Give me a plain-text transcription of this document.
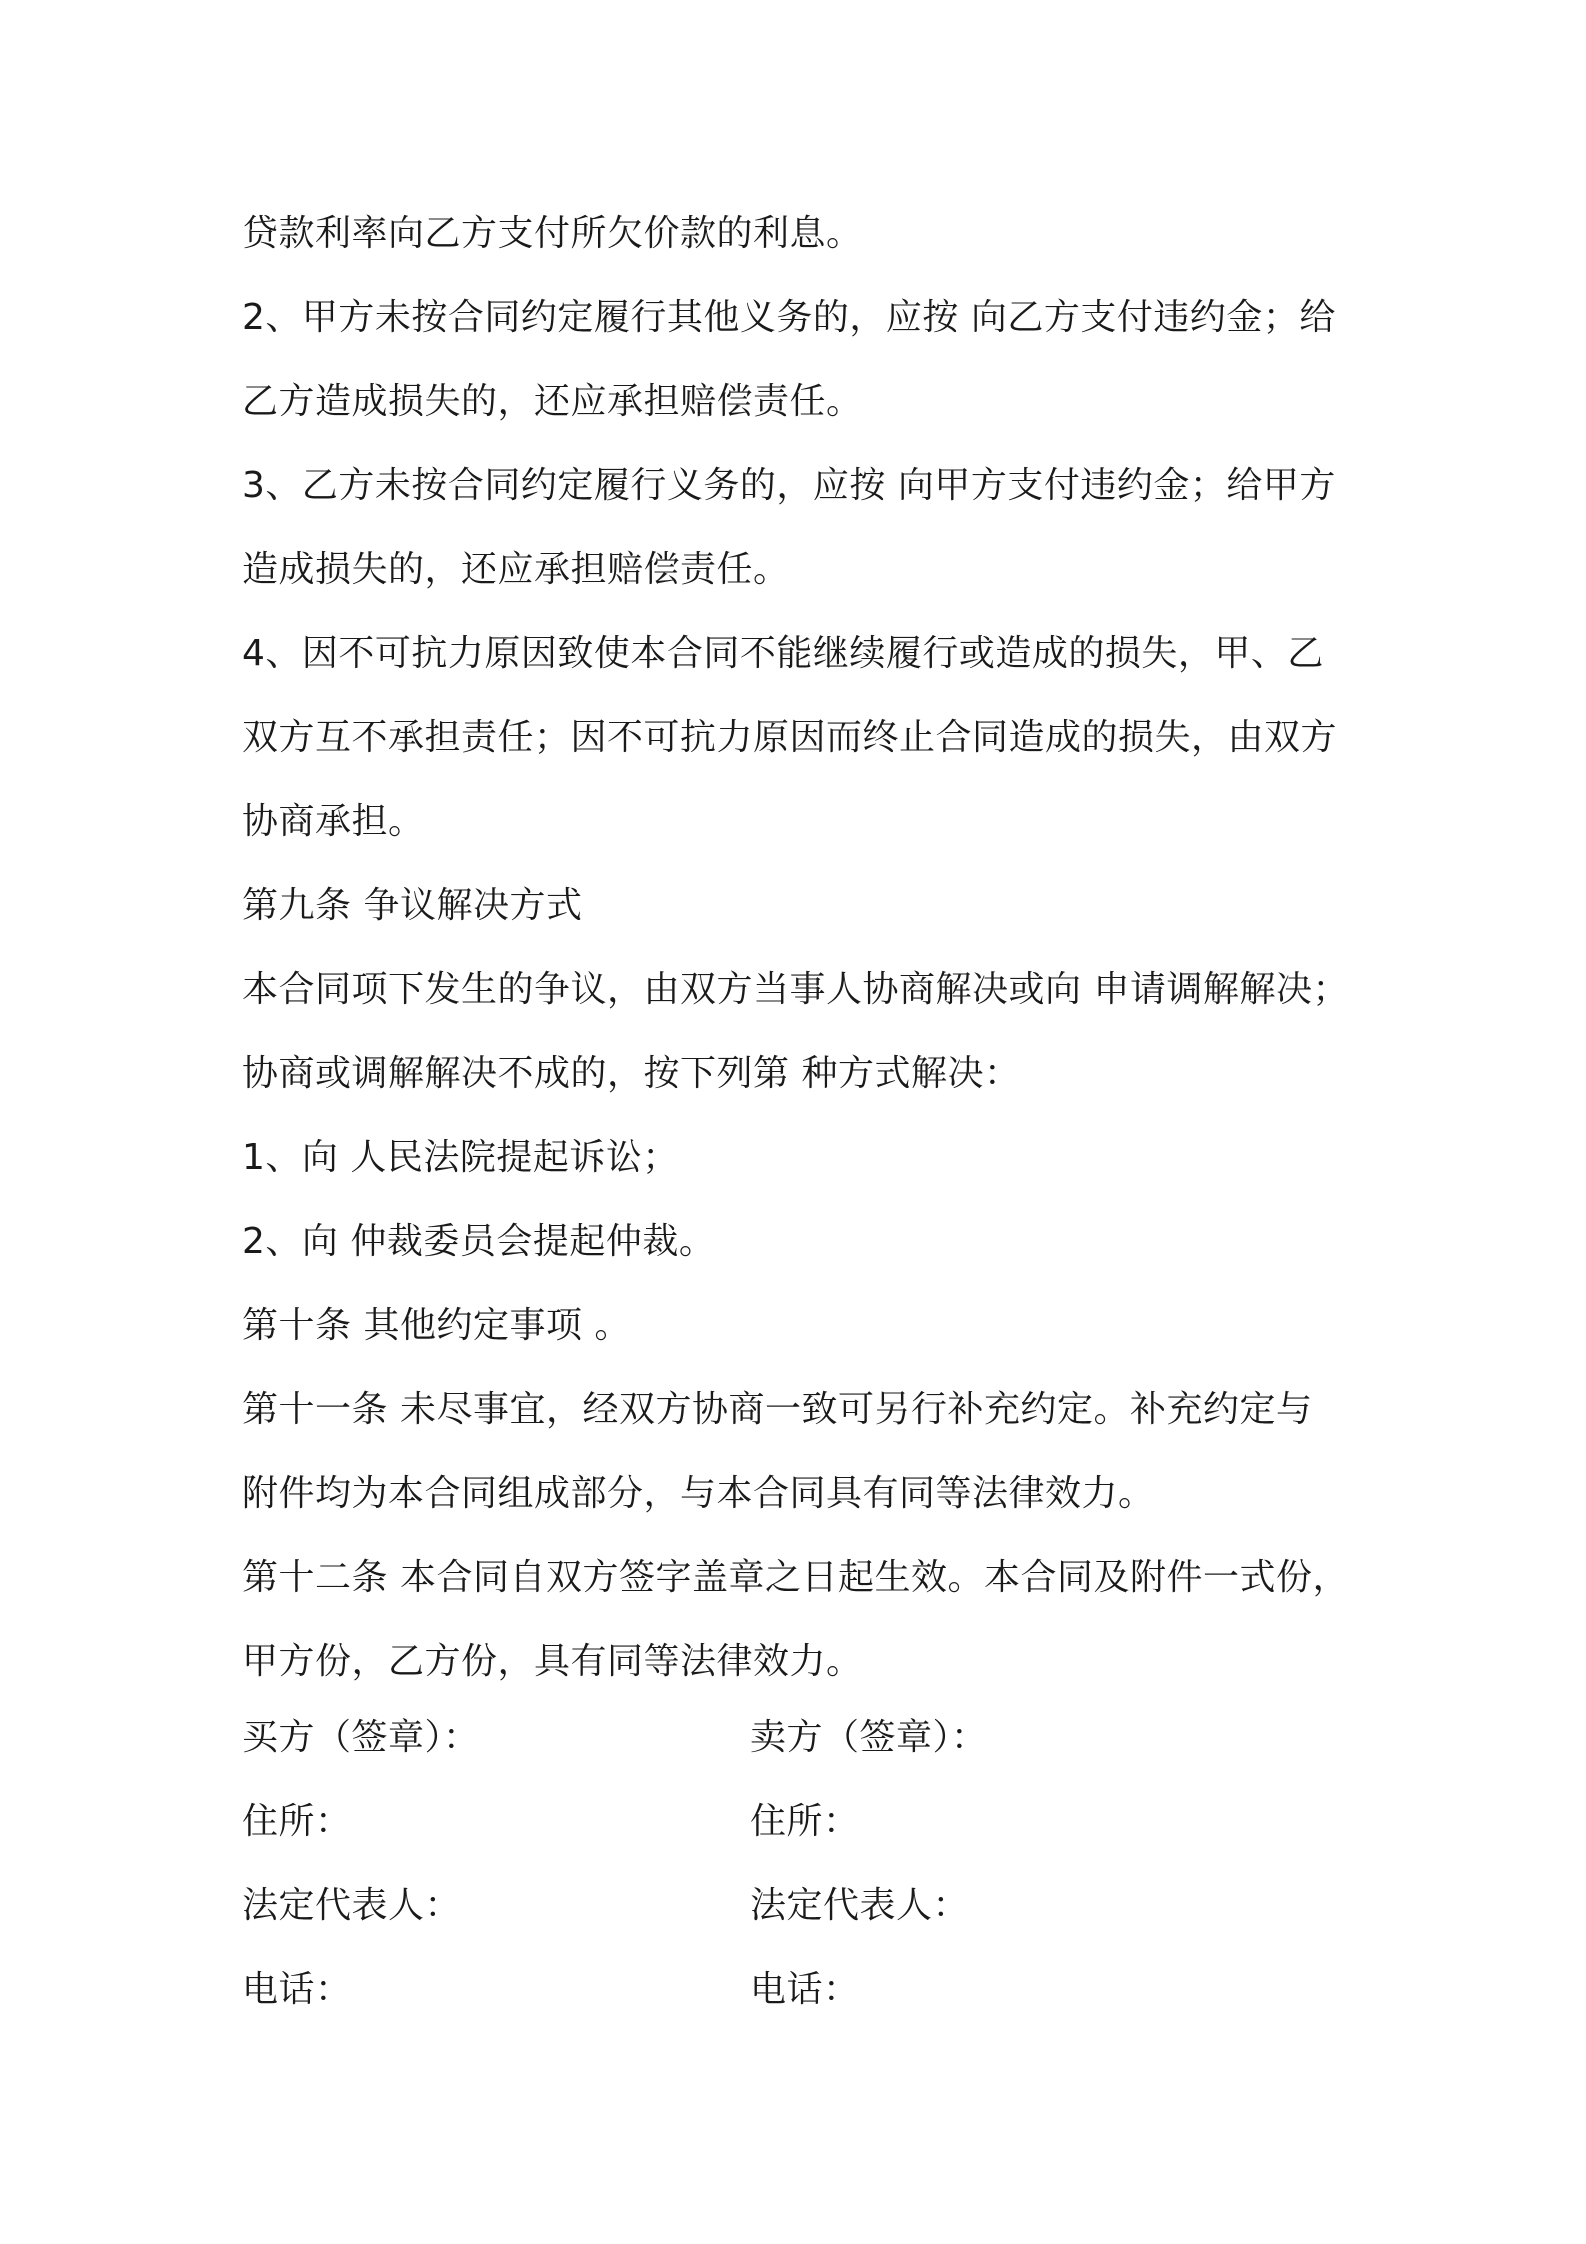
贷款利率向乙方支付所欠价款的利息。
2、甲方未按合同约定履行其他义务的，应按 向乙方支付违约金；给
乙方造成损失的，还应承担赔偿责任。
3、乙方未按合同约定履行义务的，应按 向甲方支付违约金；给甲方
造成损失的，还应承担赔偿责任。
4、因不可抗力原因致使本合同不能继续履行或造成的损失，甲、乙
双方互不承担责任；因不可抗力原因而终止合同造成的损失，由双方
协商承担。
第九条 争议解决方式
本合同项下发生的争议，由双方当事人协商解决或向 申请调解解决；
协商或调解解决不成的，按下列第 种方式解决：
1、向 人民法院提起诉讼；
2、向 仲裁委员会提起仲裁。
第十条 其他约定事项 。
第十一条 未尽事宜，经双方协商一致可另行补充约定。补充约定与
附件均为本合同组成部分，与本合同具有同等法律效力。
第十二条 本合同自双方签字盖章之日起生效。本合同及附件一式份，
甲方份，乙方份，具有同等法律效力。
买方（签章）：	卖方（签章）：
住所：	住所：
法定代表人：	法定代表人：
电话：	电话：
